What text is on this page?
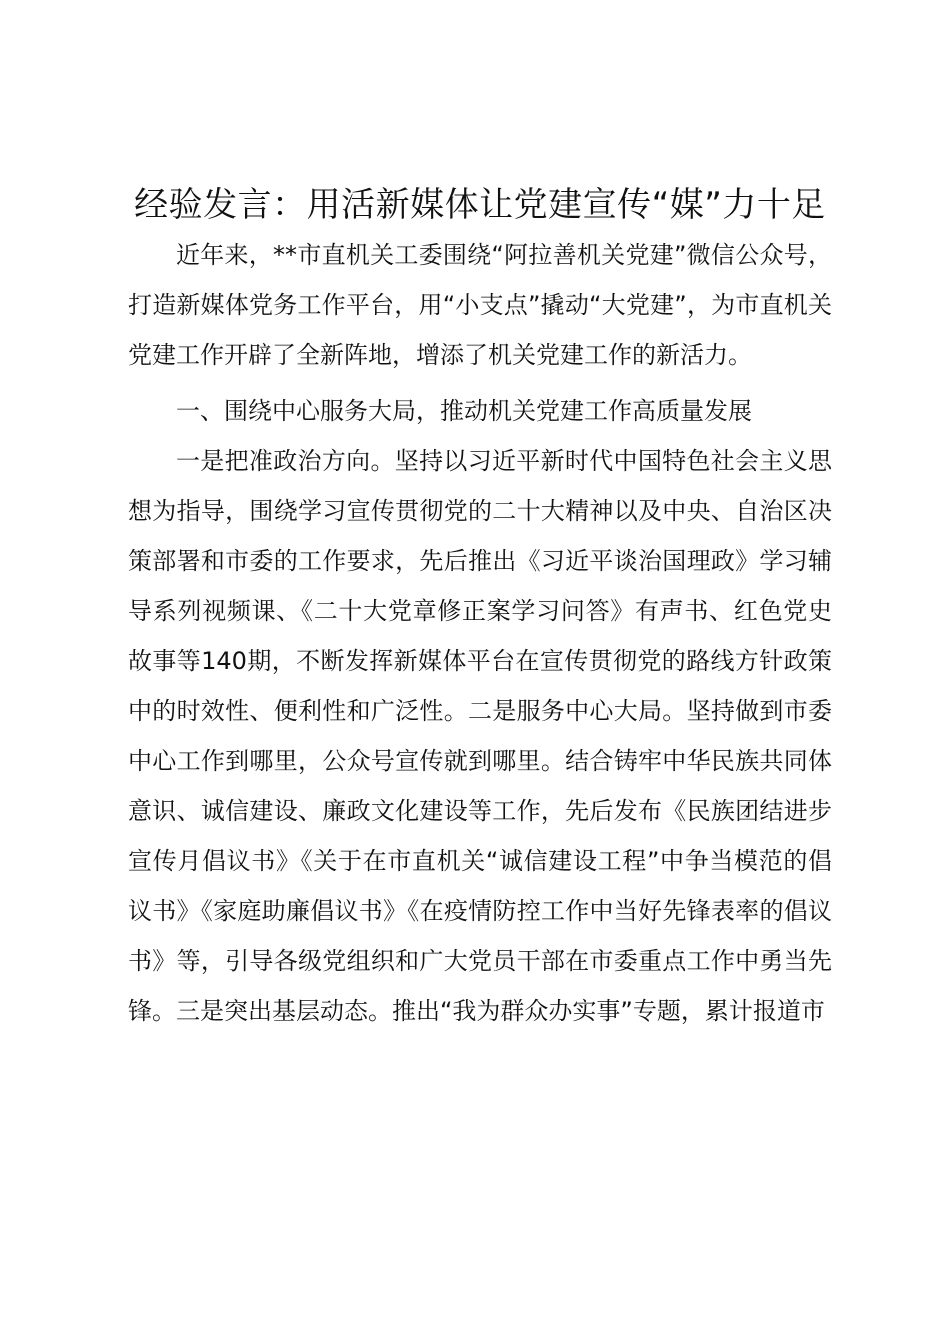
经验发言：用活新媒体让党建宣传“媒”力十足

近年来，**市直机关工委围绕“阿拉善机关党建”微信公众号，打造新媒体党务工作平台，用“小支点”撬动“大党建”，为市直机关党建工作开辟了全新阵地，增添了机关党建工作的新活力。

一、围绕中心服务大局，推动机关党建工作高质量发展

一是把准政治方向。坚持以习近平新时代中国特色社会主义思想为指导，围绕学习宣传贯彻党的二十大精神以及中央、自治区决策部署和市委的工作要求，先后推出《习近平谈治国理政》学习辅导系列视频课、《二十大党章修正案学习问答》有声书、红色党史故事等140期，不断发挥新媒体平台在宣传贯彻党的路线方针政策中的时效性、便利性和广泛性。二是服务中心大局。坚持做到市委中心工作到哪里，公众号宣传就到哪里。结合铸牢中华民族共同体意识、诚信建设、廉政文化建设等工作，先后发布《民族团结进步宣传月倡议书》《关于在市直机关“诚信建设工程”中争当模范的倡议书》《家庭助廉倡议书》《在疫情防控工作中当好先锋表率的倡议书》等，引导各级党组织和广大党员干部在市委重点工作中勇当先锋。三是突出基层动态。推出“我为群众办实事”专题，累计报道市
